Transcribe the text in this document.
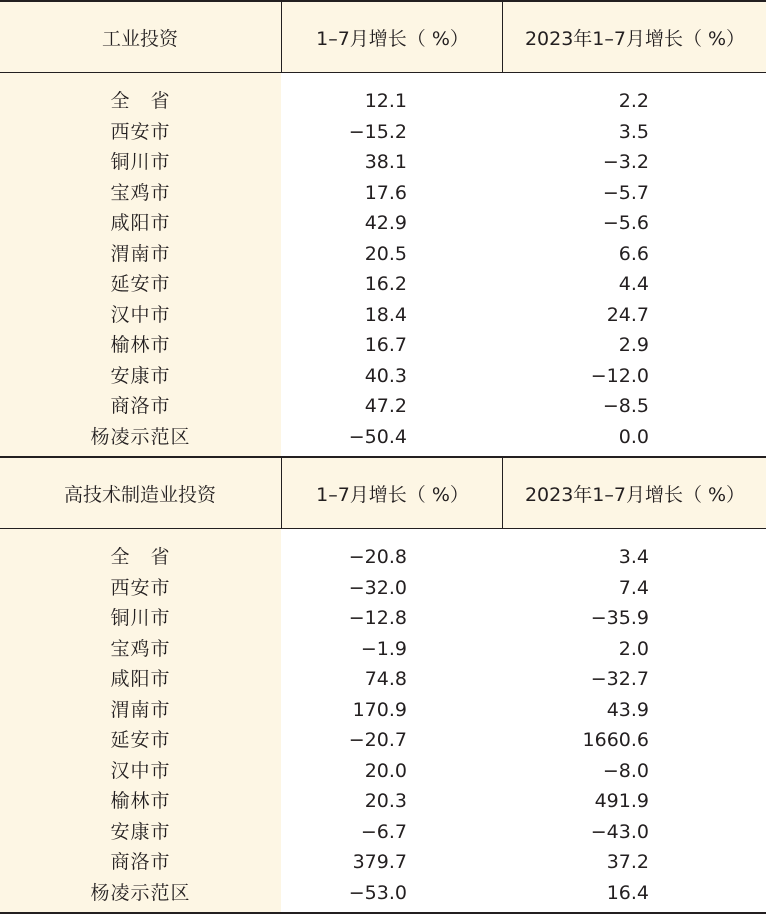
工业投资	1–7月增长（ %）	2023年1–7月增长（ %）
全　省	12.1	2.2
西安市	−15.2	3.5
铜川市	38.1	−3.2
宝鸡市	17.6	−5.7
咸阳市	42.9	−5.6
渭南市	20.5	6.6
延安市	16.2	4.4
汉中市	18.4	24.7
榆林市	16.7	2.9
安康市	40.3	−12.0
商洛市	47.2	−8.5
杨凌示范区	−50.4	0.0
高技术制造业投资	1–7月增长（ %）	2023年1–7月增长（ %）
全　省	−20.8	3.4
西安市	−32.0	7.4
铜川市	−12.8	−35.9
宝鸡市	−1.9	2.0
咸阳市	74.8	−32.7
渭南市	170.9	43.9
延安市	−20.7	1660.6
汉中市	20.0	−8.0
榆林市	20.3	491.9
安康市	−6.7	−43.0
商洛市	379.7	37.2
杨凌示范区	−53.0	16.4
